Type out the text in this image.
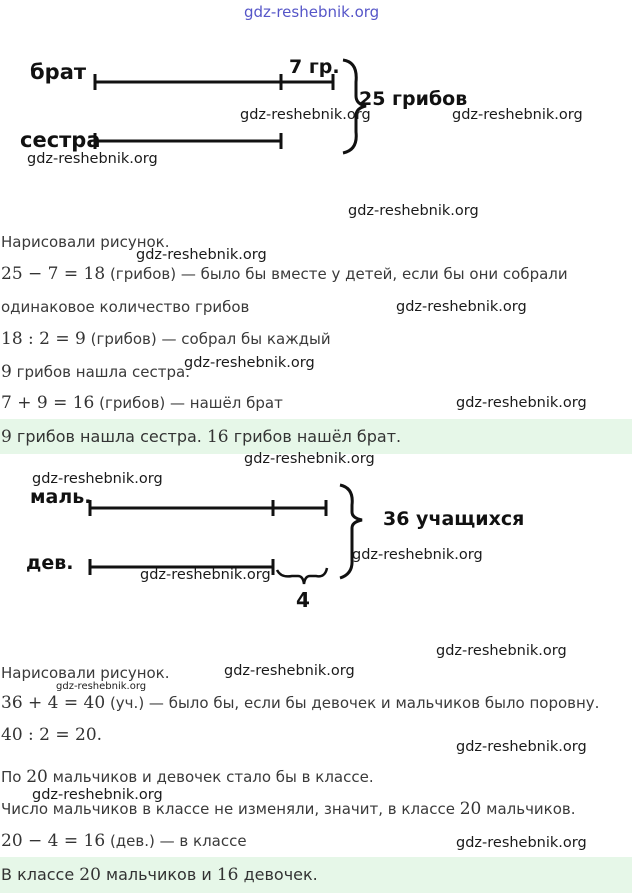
брат
сестра
7 гр.
25 грибов
маль.
дев.
4
36 учащихся
Нарисовали рисунок.
25 − 7 = 18 (грибов) — было бы вместе у детей, если бы они собрали
одинаковое количество грибов
18 : 2 = 9 (грибов) — собрал бы каждый
9 грибов нашла сестра.
7 + 9 = 16 (грибов) — нашёл брат
9 грибов нашла сестра. 16 грибов нашёл брат.
Нарисовали рисунок.
36 + 4 = 40 (уч.) — было бы, если бы девочек и мальчиков было поровну.
40 : 2 = 20.
По 20 мальчиков и девочек стало бы в классе.
Число мальчиков в классе не изменяли, значит, в классе 20 мальчиков.
20 − 4 = 16 (дев.) — в классе
В классе 20 мальчиков и 16 девочек.
gdz-reshebnik.org
gdz-reshebnik.org	gdz-reshebnik.org
gdz-reshebnik.org
gdz-reshebnik.org
gdz-reshebnik.org
gdz-reshebnik.org
gdz-reshebnik.org
gdz-reshebnik.org
gdz-reshebnik.org
gdz-reshebnik.org
gdz-reshebnik.org
gdz-reshebnik.org
gdz-reshebnik.org
gdz-reshebnik.org
gdz-reshebnik.org
gdz-reshebnik.org
gdz-reshebnik.org
gdz-reshebnik.org
